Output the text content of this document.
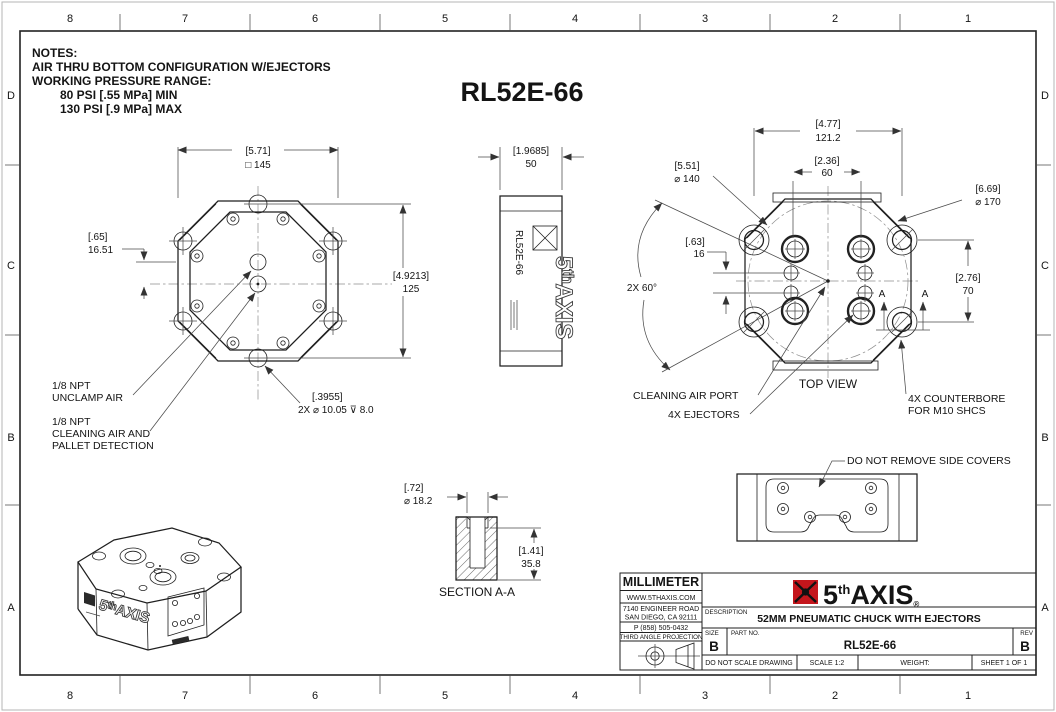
8	7	6	5	4	3	2	1
8	7	6	5	4	3	2	1
D
C
B
A
D
C
B
A
NOTES:
AIR THRU BOTTOM CONFIGURATION W/EJECTORS
WORKING PRESSURE RANGE:
80 PSI [.55 MPa] MIN
130 PSI [.9 MPa] MAX
RL52E-66
[5.71]
□ 145
[.65]
16.51
[4.9213]
125
[.3955]
2X ⌀ 10.05 ⊽ 8.0
1/8 NPT
UNCLAMP AIR
1/8 NPT
CLEANING AIR AND
PALLET DETECTION
RL52E-66
5ᵗʰAXIS
[1.9685]
50
[4.77]
121.2
[2.36]
60
[5.51]
⌀ 140
[6.69]
⌀ 170
[.63]
16
2X 60°
[2.76]
70
A	A
TOP VIEW
CLEANING AIR PORT
4X EJECTORS
4X COUNTERBORE
FOR M10 SHCS
DO NOT REMOVE SIDE COVERS
[.72]
⌀ 18.2
[1.41]
35.8
SECTION A-A
5ᵗʰAXIS
MILLIMETER
WWW.5THAXIS.COM
7140 ENGINEER ROAD
SAN DIEGO, CA 92111
P (858) 505-0432
THIRD ANGLE PROJECTION
5thAXIS®
DESCRIPTION
52MM PNEUMATIC CHUCK WITH EJECTORS
SIZE
B
PART NO.
RL52E-66
REV
B
DO NOT SCALE DRAWING SCALE 1:2	WEIGHT:	SHEET 1 OF 1
